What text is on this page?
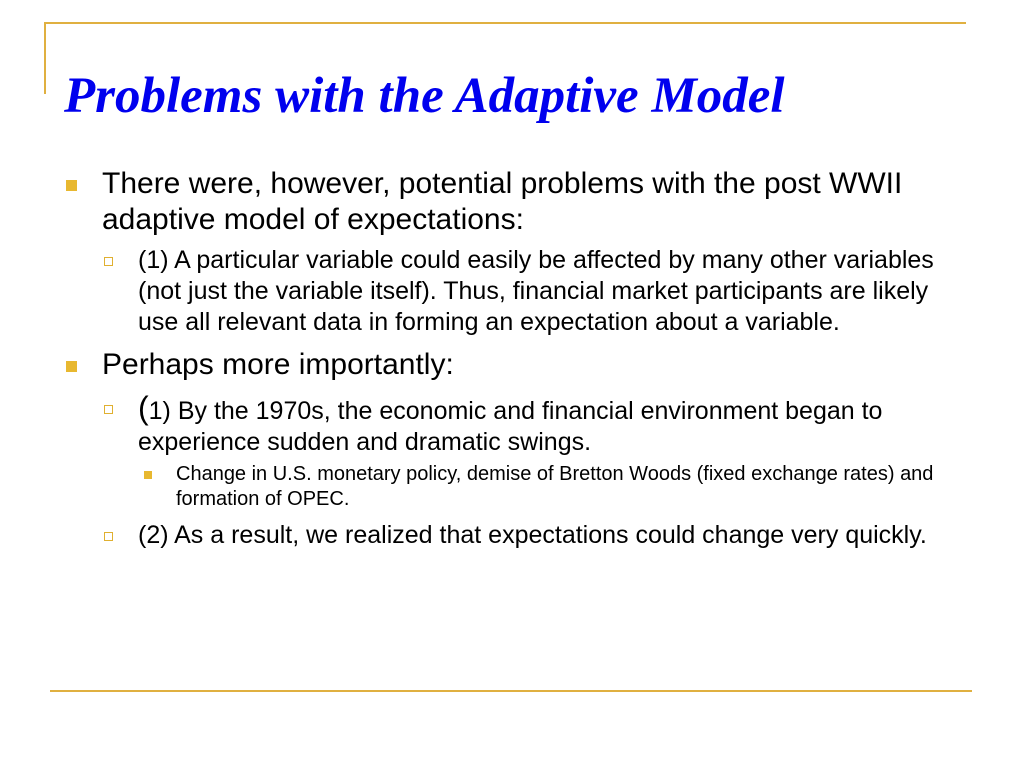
Problems with the Adaptive Model
There were, however, potential problems with the post WWII adaptive model of expectations:
(1) A particular variable could easily be affected by many other variables (not just the variable itself). Thus, financial market participants are likely use all relevant data in forming an expectation about a variable.
Perhaps more importantly:
(1) By the 1970s, the economic and financial environment began to experience sudden and dramatic swings.
Change in U.S. monetary policy, demise of Bretton Woods (fixed exchange rates) and formation of OPEC.
(2) As a result, we realized that expectations could change very quickly.
